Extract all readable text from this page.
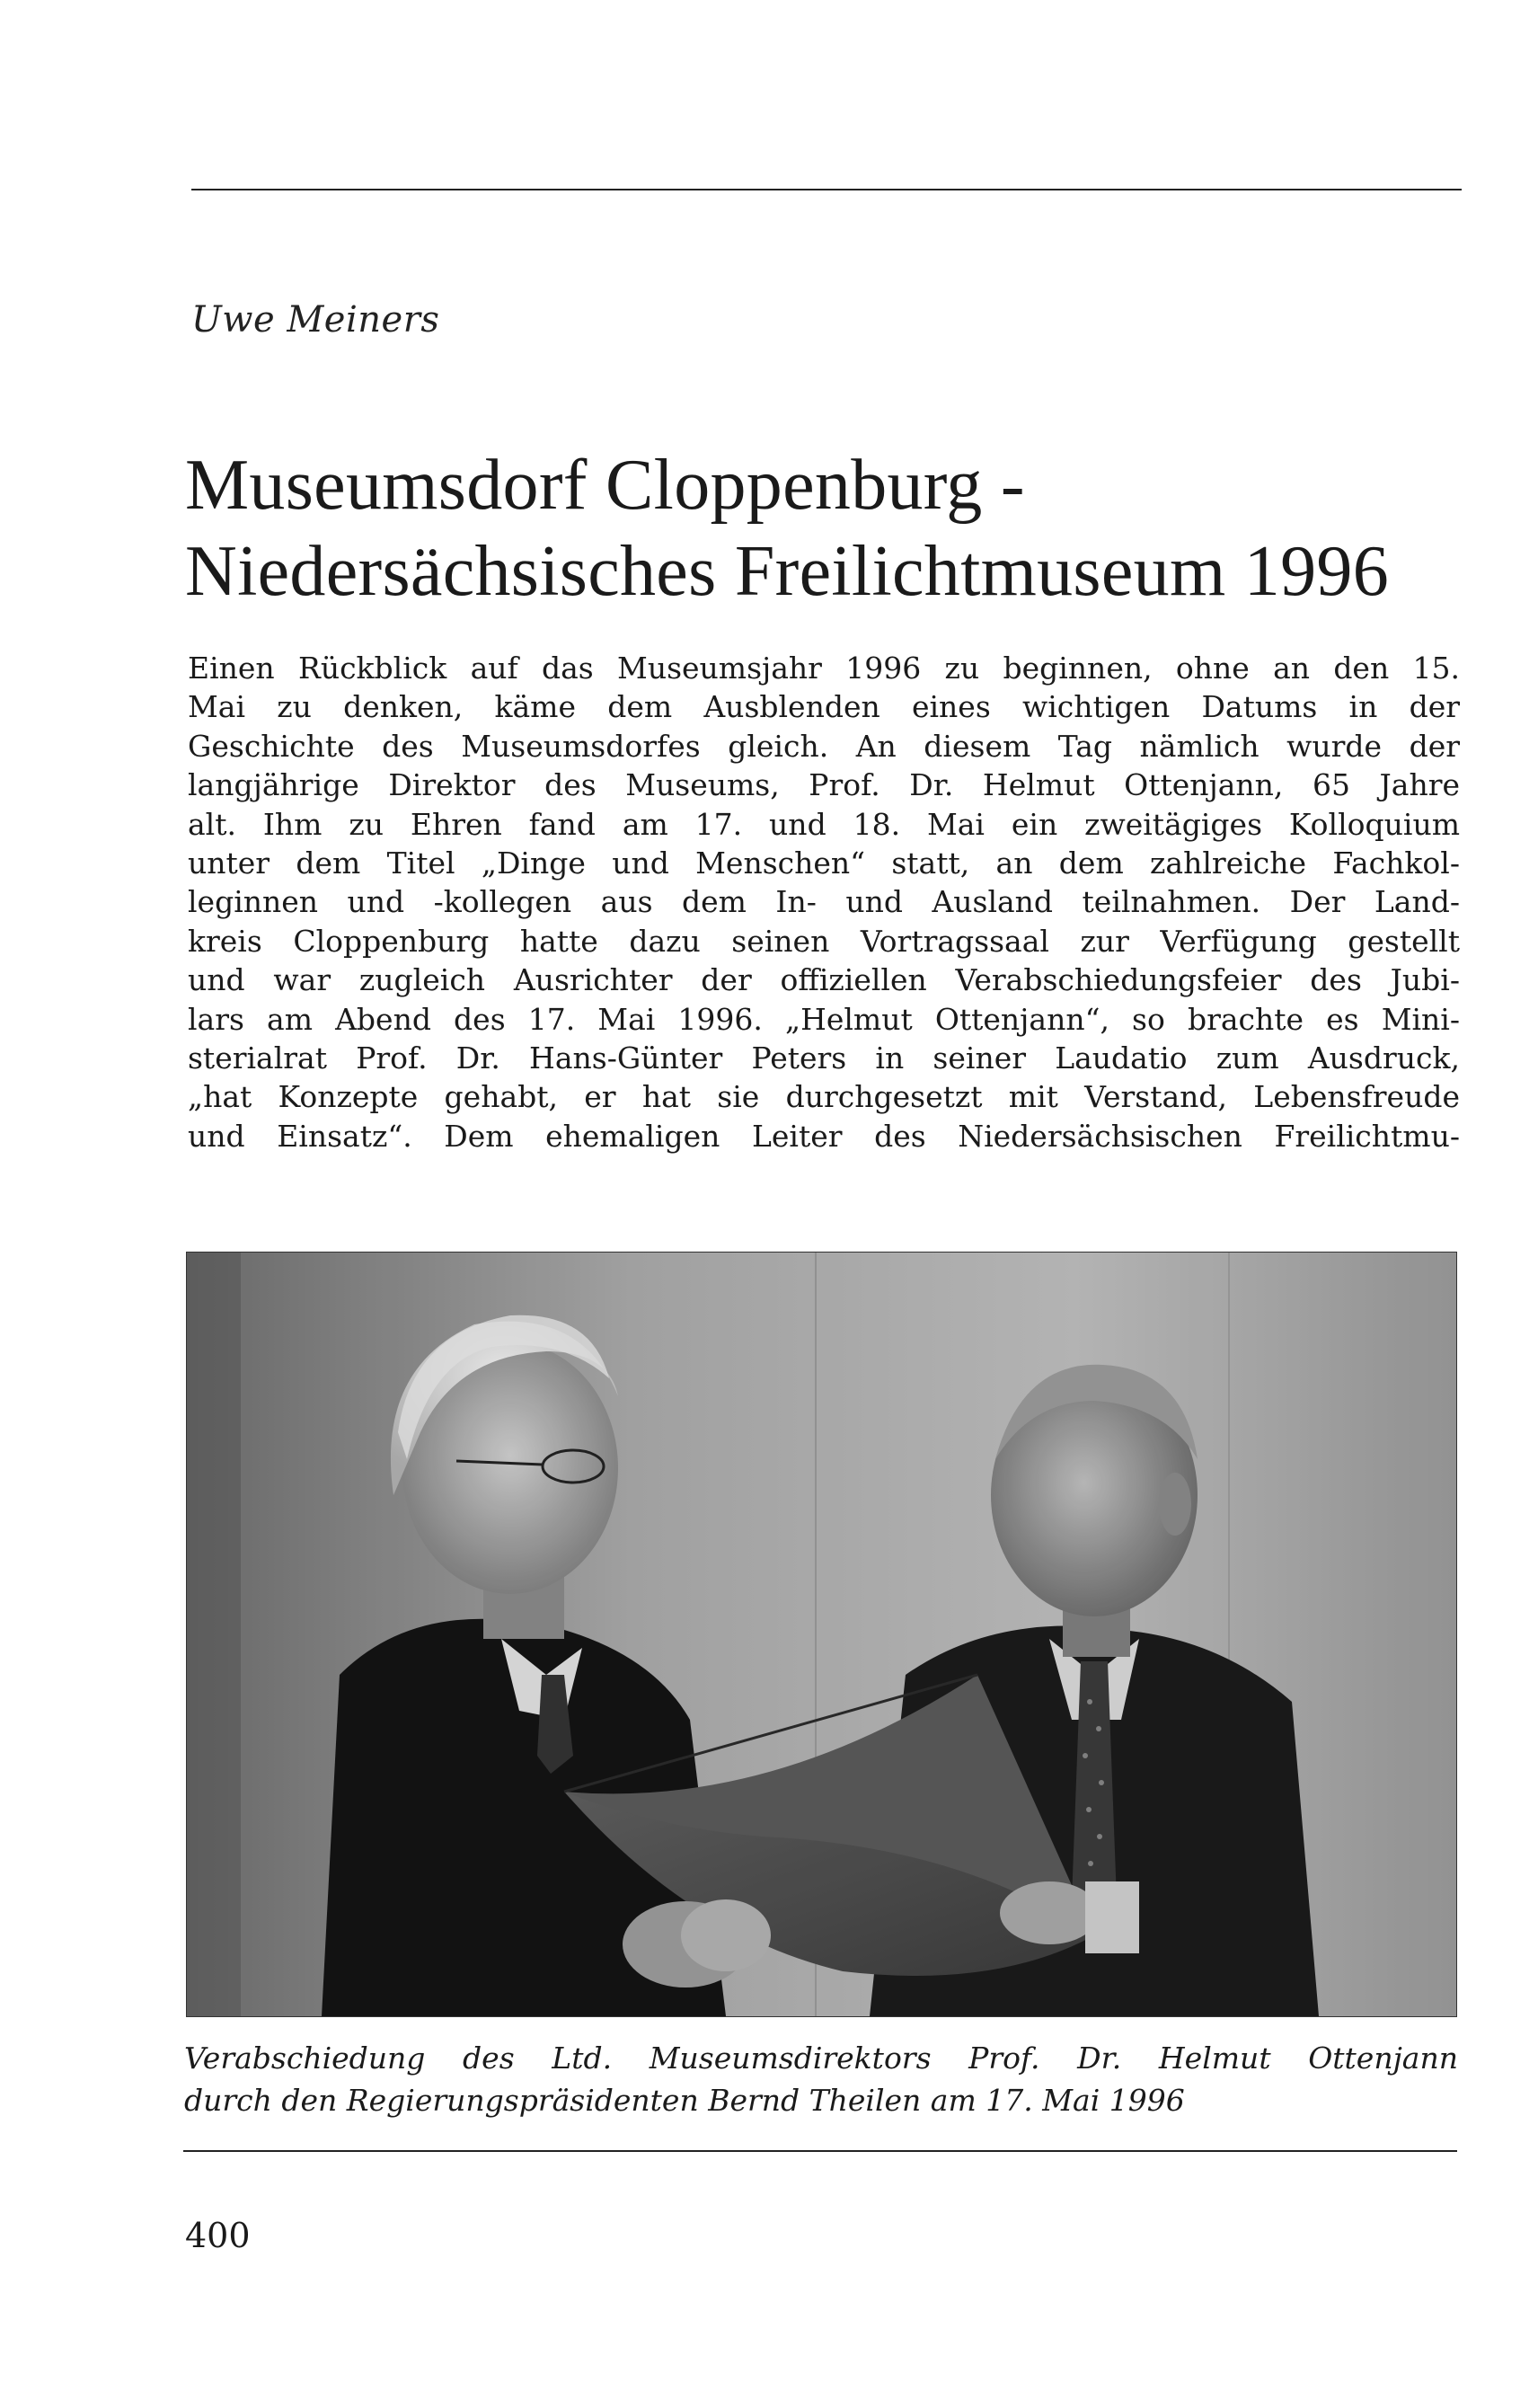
Uwe Meiners
Museumsdorf Cloppenburg -
Niedersächsisches Freilichtmuseum 1996
Einen Rückblick auf das Museumsjahr 1996 zu beginnen, ohne an den 15.
Mai zu denken, käme dem Ausblenden eines wichtigen Datums in der
Geschichte des Museumsdorfes gleich. An diesem Tag nämlich wurde der
langjährige Direktor des Museums, Prof. Dr. Helmut Ottenjann, 65 Jahre
alt. Ihm zu Ehren fand am 17. und 18. Mai ein zweitägiges Kolloquium
unter dem Titel „Dinge und Menschen“ statt, an dem zahlreiche Fachkol-
leginnen und -kollegen aus dem In- und Ausland teilnahmen. Der Land-
kreis Cloppenburg hatte dazu seinen Vortragssaal zur Verfügung gestellt
und war zugleich Ausrichter der offiziellen Verabschiedungsfeier des Jubi-
lars am Abend des 17. Mai 1996. „Helmut Ottenjann“, so brachte es Mini-
sterialrat Prof. Dr. Hans-Günter Peters in seiner Laudatio zum Ausdruck,
„hat Konzepte gehabt, er hat sie durchgesetzt mit Verstand, Lebensfreude
und Einsatz“. Dem ehemaligen Leiter des Niedersächsischen Freilichtmu-
Verabschiedung des Ltd. Museumsdirektors Prof. Dr. Helmut Ottenjann
durch den Regierungspräsidenten Bernd Theilen am 17. Mai 1996
400
